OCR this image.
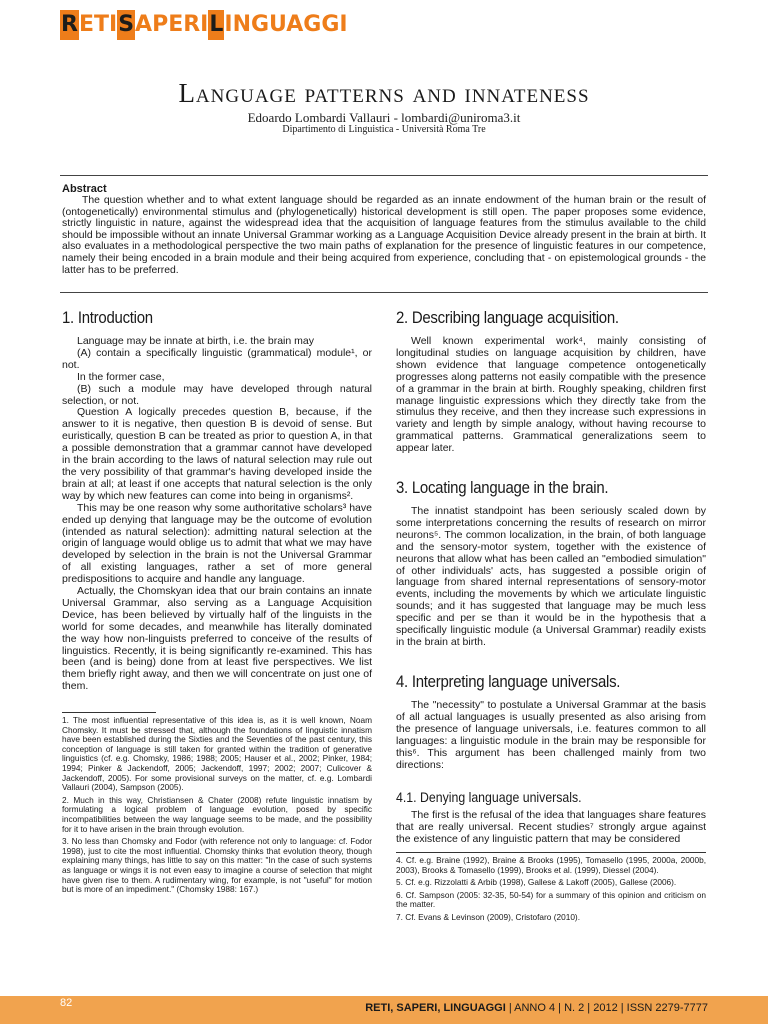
R ETI S APERI L INGUAGGI
Language patterns and innateness
Edoardo Lombardi Vallauri - lombardi@uniroma3.it
Dipartimento di Linguistica - Università Roma Tre
Abstract
The question whether and to what extent language should be regarded as an innate endowment of the human brain or the result of (ontogenetically) environmental stimulus and (phylogenetically) historical development is still open. The paper proposes some evidence, strictly linguistic in nature, against the widespread idea that the acquisition of language features from the stimulus available to the child should be impossible without an innate Universal Grammar working as a Language Acquisition Device already present in the brain at birth. It also evaluates in a methodological perspective the two main paths of explanation for the presence of linguistic features in our competence, namely their being encoded in a brain module and their being acquired from experience, concluding that - on epistemological grounds - the latter has to be preferred.
1. Introduction

Language may be innate at birth, i.e. the brain may

(A) contain a specifically linguistic (grammatical) module¹, or not.

In the former case,

(B) such a module may have developed through natural selection, or not.

Question A logically precedes question B, because, if the answer to it is negative, then question B is devoid of sense. But euristically, question B can be treated as prior to question A, in that a possible demonstration that a grammar cannot have developed in the brain according to the laws of natural selection may rule out the very possibility of that grammar's having developed inside the brain at all; at least if one accepts that natural selection is the only way by which new features can come into being in organisms².

This may be one reason why some authoritative scholars³ have ended up denying that language may be the outcome of evolution (intended as natural selection): admitting natural selection at the origin of language would oblige us to admit that what we may have developed by selection in the brain is not the Universal Grammar of all existing languages, rather a set of more general predispositions to acquire and handle any language.

Actually, the Chomskyan idea that our brain contains an innate Universal Grammar, also serving as a Language Acquisition Device, has been believed by virtually half of the linguists in the world for some decades, and meanwhile has literally dominated the way how non-linguists preferred to conceive of the results of linguistics. Recently, it is being significantly re-examined. This has been (and is being) done from at least five perspectives. We list them briefly right away, and then we will concentrate on just one of them.

1. The most influential representative of this idea is, as it is well known, Noam Chomsky. It must be stressed that, although the foundations of linguistic innatism have been established during the Sixties and the Seventies of the past century, this conception of language is still taken for granted within the tradition of generative linguistics (cf. e.g. Chomsky, 1986; 1988; 2005; Hauser et al., 2002; Pinker, 1984; 1994; Pinker & Jackendoff, 2005; Jackendoff, 1997; 2002; 2007; Culicover & Jackendoff, 2005). For some provisional surveys on the matter, cf. e.g. Lombardi Vallauri (2004), Sampson (2005).

2. Much in this way, Christiansen & Chater (2008) refute linguistic innatism by formulating a logical problem of language evolution, posed by specific incompatibilities between the way language seems to be made, and the possibility for it to have arisen in the brain through evolution.

3. No less than Chomsky and Fodor (with reference not only to language: cf. Fodor 1998), just to cite the most influential. Chomsky thinks that evolution theory, though explaining many things, has little to say on this matter: "In the case of such systems as language or wings it is not even easy to imagine a course of selection that might have given rise to them. A rudimentary wing, for example, is not "useful" for motion but is more of an impediment." (Chomsky 1988: 167.)

2. Describing language acquisition.

Well known experimental work⁴, mainly consisting of longitudinal studies on language acquisition by children, have shown evidence that language competence ontogenetically progresses along patterns not easily compatible with the presence of a grammar in the brain at birth. Roughly speaking, children first manage linguistic expressions which they directly take from the stimulus they receive, and then they increase such expressions in variety and length by simple analogy, without having recourse to grammatical patterns. Grammatical generalizations seem to appear later.

3. Locating language in the brain.

The innatist standpoint has been seriously scaled down by some interpretations concerning the results of research on mirror neurons⁵. The common localization, in the brain, of both language and the sensory-motor system, together with the existence of neurons that allow what has been called an "embodied simulation" of other individuals' acts, has suggested a possible origin of language from shared internal representations of sensory-motor events, including the movements by which we articulate linguistic sounds; and it has suggested that language may be much less specific and per se than it would be in the hypothesis that a specifically linguistic module (a Universal Grammar) readily exists in the brain at birth.

4. Interpreting language universals.

The "necessity" to postulate a Universal Grammar at the basis of all actual languages is usually presented as also arising from the presence of language universals, i.e. features common to all languages: a linguistic module in the brain may be responsible for this⁶. This argument has been challenged mainly from two directions:

4.1. Denying language universals.

The first is the refusal of the idea that languages share features that are really universal. Recent studies⁷ strongly argue against the existence of any linguistic pattern that may be considered

4. Cf. e.g. Braine (1992), Braine & Brooks (1995), Tomasello (1995, 2000a, 2000b, 2003), Brooks & Tomasello (1999), Brooks et al. (1999), Diessel (2004).

5. Cf. e.g. Rizzolatti & Arbib (1998), Gallese & Lakoff (2005), Gallese (2006).

6. Cf. Sampson (2005: 32-35, 50-54) for a summary of this opinion and criticism on the matter.

7. Cf. Evans & Levinson (2009), Cristofaro (2010).

82	RETI, SAPERI, LINGUAGGI | ANNO 4 | N. 2 | 2012 | ISSN 2279-7777
